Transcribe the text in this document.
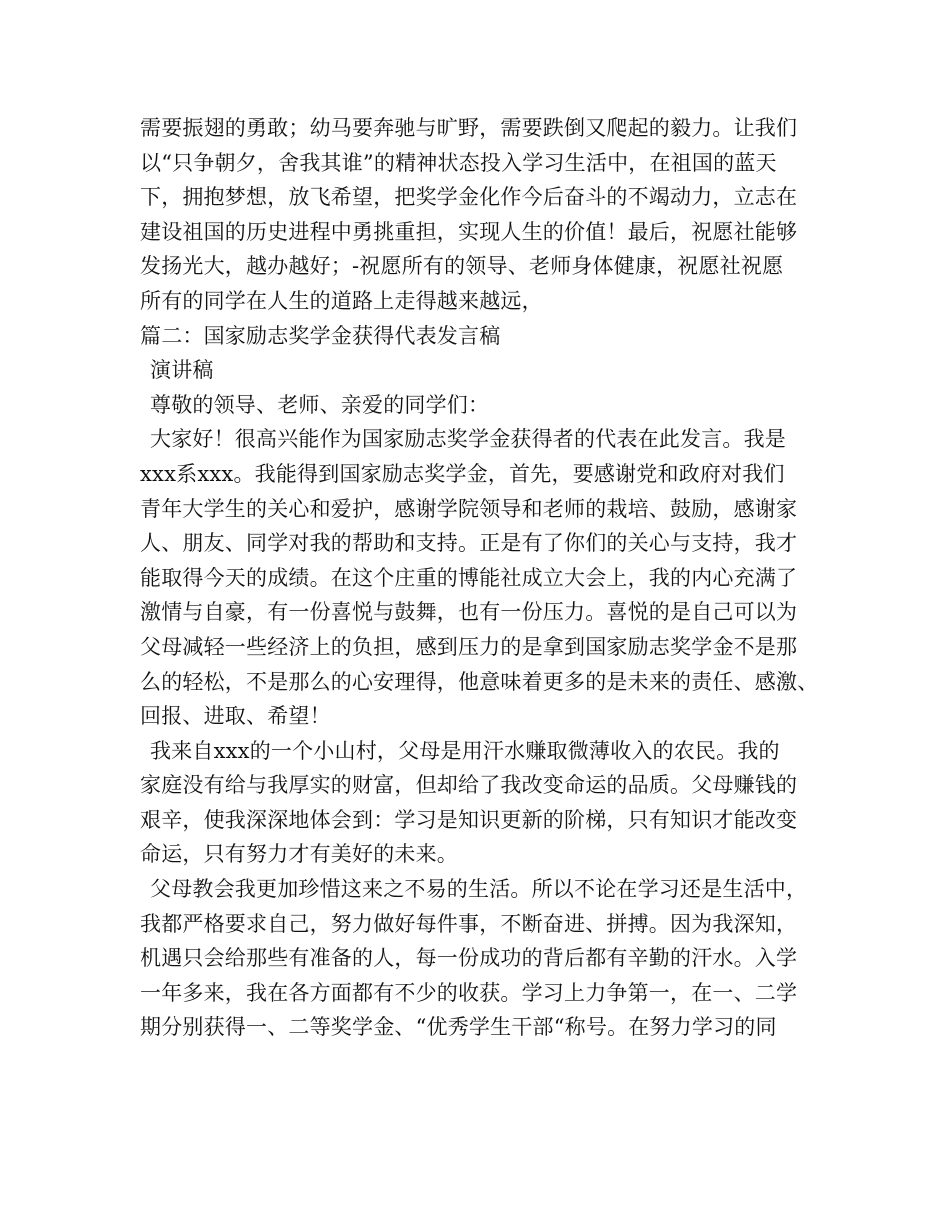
需要振翅的勇敢；幼马要奔驰与旷野，需要跌倒又爬起的毅力。让我们
以“只争朝夕，舍我其谁”的精神状态投入学习生活中，在祖国的蓝天
下，拥抱梦想，放飞希望，把奖学金化作今后奋斗的不竭动力，立志在
建设祖国的历史进程中勇挑重担，实现人生的价值！最后，祝愿社能够
发扬光大，越办越好；-祝愿所有的领导、老师身体健康，祝愿社祝愿
所有的同学在人生的道路上走得越来越远，
篇二：国家励志奖学金获得代表发言稿
演讲稿
尊敬的领导、老师、亲爱的同学们：
大家好！很高兴能作为国家励志奖学金获得者的代表在此发言。我是
xxx系xxx。我能得到国家励志奖学金，首先，要感谢党和政府对我们
青年大学生的关心和爱护，感谢学院领导和老师的栽培、鼓励，感谢家
人、朋友、同学对我的帮助和支持。正是有了你们的关心与支持，我才
能取得今天的成绩。在这个庄重的博能社成立大会上，我的内心充满了
激情与自豪，有一份喜悦与鼓舞，也有一份压力。喜悦的是自己可以为
父母减轻一些经济上的负担，感到压力的是拿到国家励志奖学金不是那
么的轻松，不是那么的心安理得，他意味着更多的是未来的责任、感激、
回报、进取、希望！
我来自xxx的一个小山村，父母是用汗水赚取微薄收入的农民。我的
家庭没有给与我厚实的财富，但却给了我改变命运的品质。父母赚钱的
艰辛，使我深深地体会到：学习是知识更新的阶梯，只有知识才能改变
命运，只有努力才有美好的未来。
父母教会我更加珍惜这来之不易的生活。所以不论在学习还是生活中，
我都严格要求自己，努力做好每件事，不断奋进、拼搏。因为我深知，
机遇只会给那些有准备的人，每一份成功的背后都有辛勤的汗水。入学
一年多来，我在各方面都有不少的收获。学习上力争第一，在一、二学
期分别获得一、二等奖学金、“优秀学生干部“称号。在努力学习的同
